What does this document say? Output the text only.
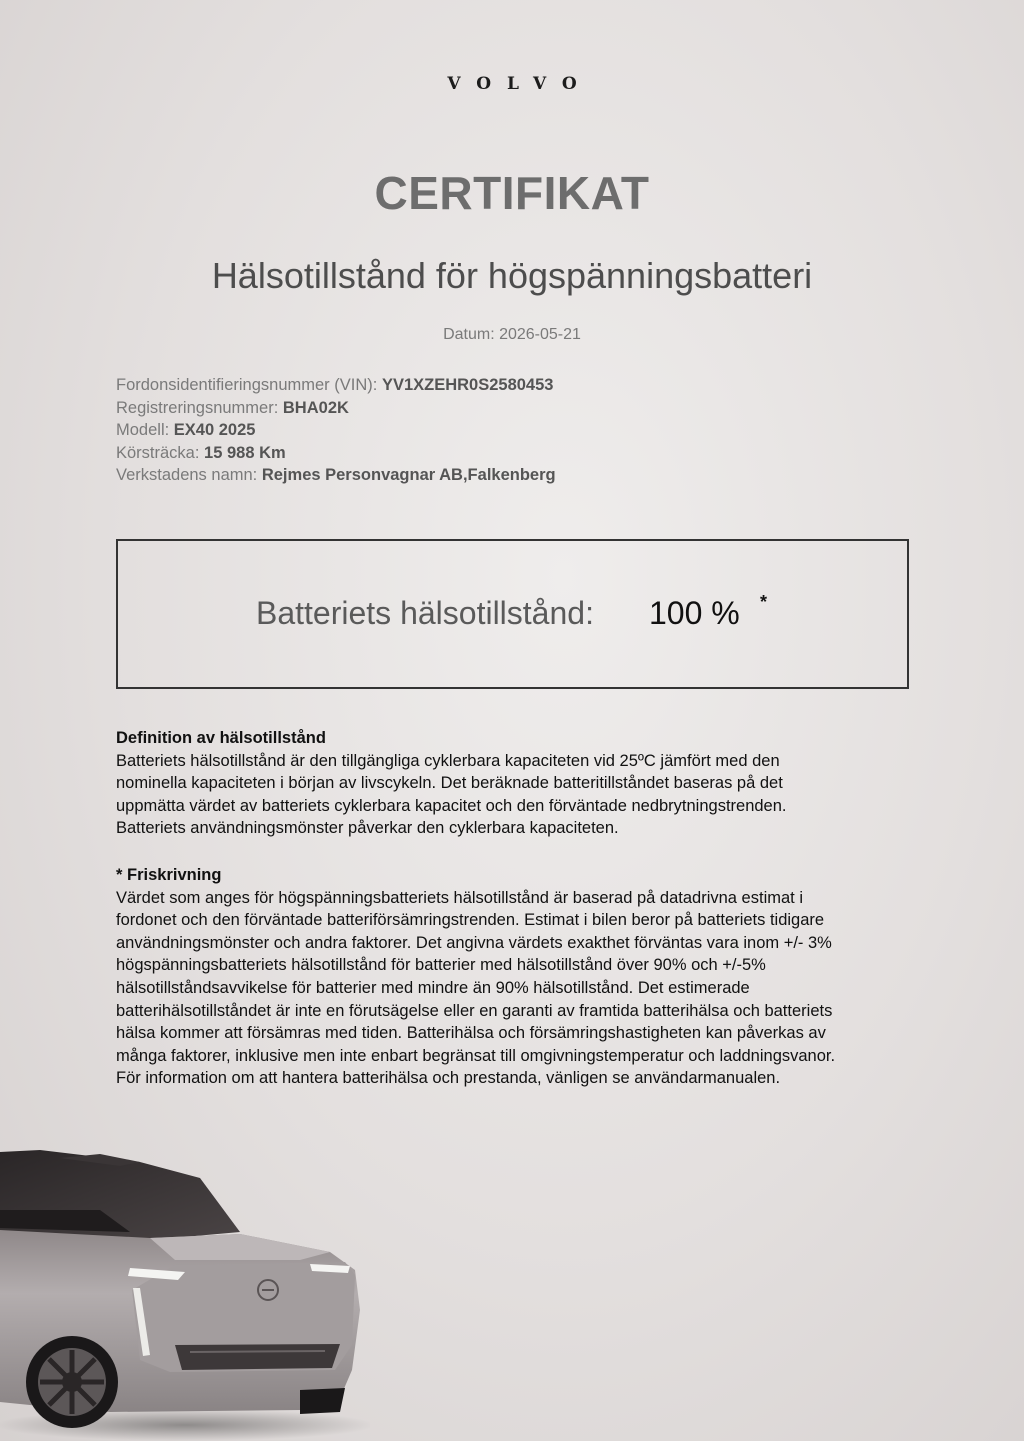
VOLVO
CERTIFIKAT
Hälsotillstånd för högspänningsbatteri
Datum: 2026-05-21
Fordonsidentifieringsnummer (VIN): YV1XZEHR0S2580453
Registreringsnummer: BHA02K
Modell: EX40 2025
Körsträcka: 15 988 Km
Verkstadens namn: Rejmes Personvagnar AB,Falkenberg
Batteriets hälsotillstånd: 100 % *
Definition av hälsotillstånd
Batteriets hälsotillstånd är den tillgängliga cyklerbara kapaciteten vid 25ºC jämfört med den
nominella kapaciteten i början av livscykeln. Det beräknade batteritillståndet baseras på det
uppmätta värdet av batteriets cyklerbara kapacitet och den förväntade nedbrytningstrenden.
Batteriets användningsmönster påverkar den cyklerbara kapaciteten.
* Friskrivning
Värdet som anges för högspänningsbatteriets hälsotillstånd är baserad på datadrivna estimat i
fordonet och den förväntade batteriförsämringstrenden. Estimat i bilen beror på batteriets tidigare
användningsmönster och andra faktorer. Det angivna värdets exakthet förväntas vara inom +/- 3%
högspänningsbatteriets hälsotillstånd för batterier med hälsotillstånd över 90% och +/-5%
hälsotillståndsavvikelse för batterier med mindre än 90% hälsotillstånd. Det estimerade
batterihälsotillståndet är inte en förutsägelse eller en garanti av framtida batterihälsa och batteriets
hälsa kommer att försämras med tiden. Batterihälsa och försämringshastigheten kan påverkas av
många faktorer, inklusive men inte enbart begränsat till omgivningstemperatur och laddningsvanor.
För information om att hantera batterihälsa och prestanda, vänligen se användarmanualen.
